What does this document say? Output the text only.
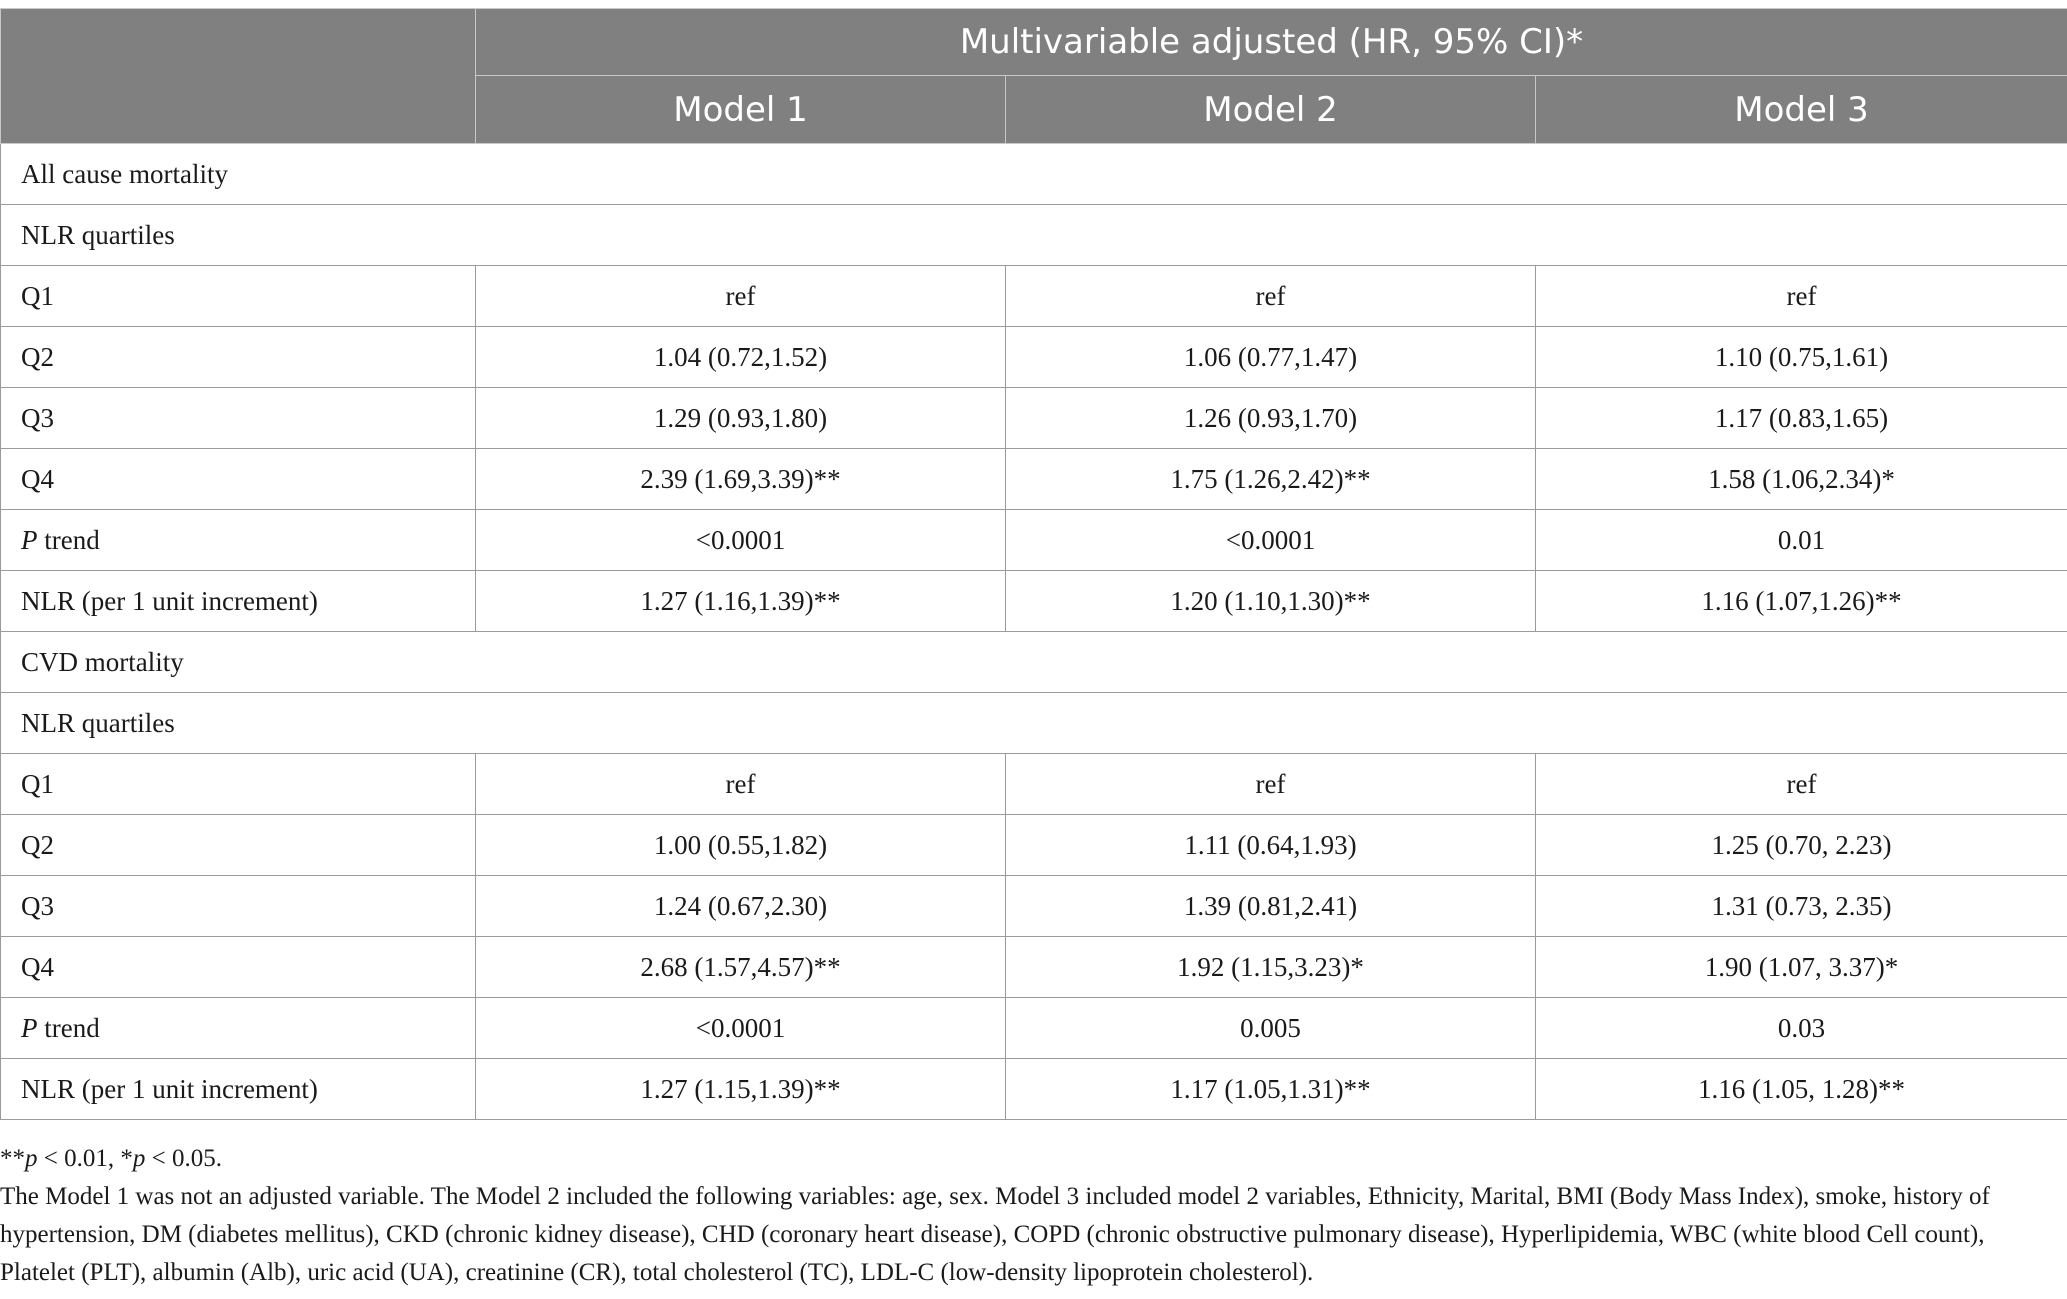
	Multivariable adjusted (HR, 95% CI)*		
	Model 1	Model 2	Model 3
All cause mortality			
NLR quartiles			
Q1	ref	ref	ref
Q2	1.04 (0.72,1.52)	1.06 (0.77,1.47)	1.10 (0.75,1.61)
Q3	1.29 (0.93,1.80)	1.26 (0.93,1.70)	1.17 (0.83,1.65)
Q4	2.39 (1.69,3.39)**	1.75 (1.26,2.42)**	1.58 (1.06,2.34)*
P trend	<0.0001	<0.0001	0.01
NLR (per 1 unit increment)	1.27 (1.16,1.39)**	1.20 (1.10,1.30)**	1.16 (1.07,1.26)**
CVD mortality			
NLR quartiles			
Q1	ref	ref	ref
Q2	1.00 (0.55,1.82)	1.11 (0.64,1.93)	1.25 (0.70, 2.23)
Q3	1.24 (0.67,2.30)	1.39 (0.81,2.41)	1.31 (0.73, 2.35)
Q4	2.68 (1.57,4.57)**	1.92 (1.15,3.23)*	1.90 (1.07, 3.37)*
P trend	<0.0001	0.005	0.03
NLR (per 1 unit increment)	1.27 (1.15,1.39)**	1.17 (1.05,1.31)**	1.16 (1.05, 1.28)**

**p < 0.01, *p < 0.05.

The Model 1 was not an adjusted variable. The Model 2 included the following variables: age, sex. Model 3 included model 2 variables, Ethnicity, Marital, BMI (Body Mass Index), smoke, history of hypertension, DM (diabetes mellitus), CKD (chronic kidney disease), CHD (coronary heart disease), COPD (chronic obstructive pulmonary disease), Hyperlipidemia, WBC (white blood Cell count), Platelet (PLT), albumin (Alb), uric acid (UA), creatinine (CR), total cholesterol (TC), LDL-C (low-density lipoprotein cholesterol).
